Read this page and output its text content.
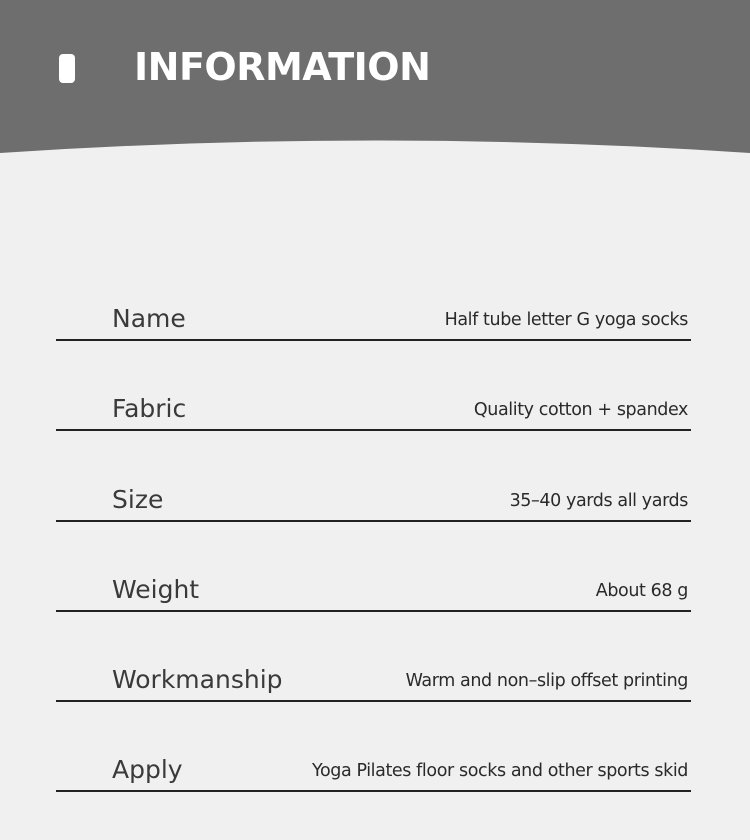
INFORMATION
Name	Half tube letter G yoga socks
Fabric	Quality cotton + spandex
Size	35–40 yards all yards
Weight	About 68 g
Workmanship	Warm and non–slip offset printing
Apply	Yoga Pilates floor socks and other sports skid
